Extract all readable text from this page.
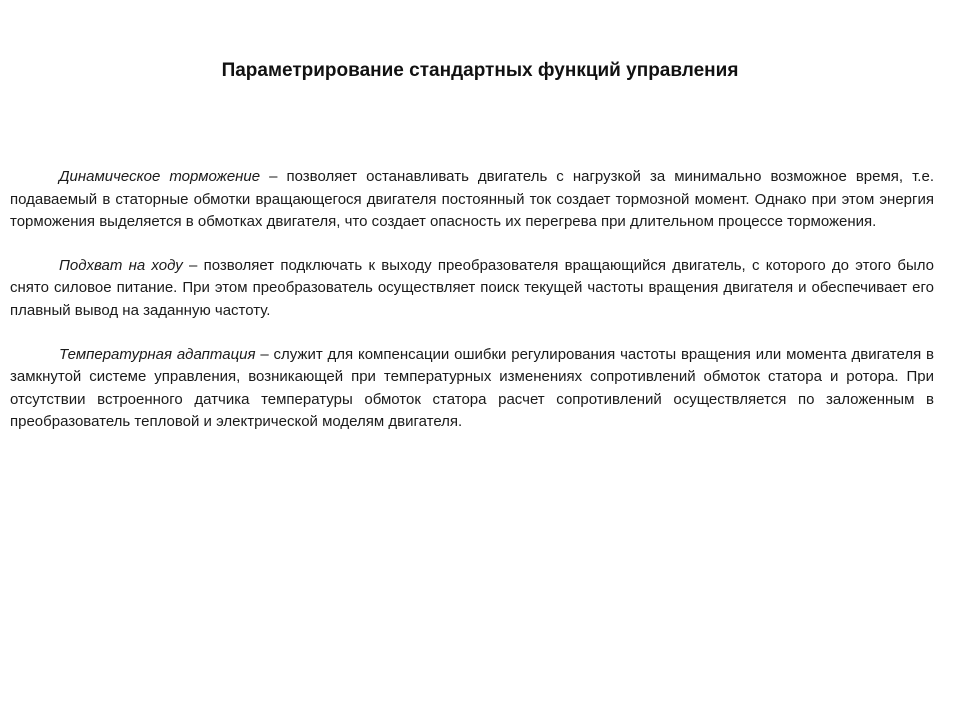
Параметрирование стандартных функций управления

Динамическое торможение – позволяет останавливать двигатель с нагрузкой за минимально возможное время, т.е. подаваемый в статорные обмотки вращающегося двигателя постоянный ток создает тормозной момент. Однако при этом энергия торможения выделяется в обмотках двигателя, что создает опасность их перегрева при длительном процессе торможения.

Подхват на ходу – позволяет подключать к выходу преобразователя вращающийся двигатель, с которого до этого было снято силовое питание. При этом преобразователь осуществляет поиск текущей частоты вращения двигателя и обеспечивает его плавный вывод на заданную частоту.

Температурная адаптация – служит для компенсации ошибки регулирования частоты вращения или момента двигателя в замкнутой системе управления, возникающей при температурных изменениях сопротивлений обмоток статора и ротора. При отсутствии встроенного датчика температуры обмоток статора расчет сопротивлений осуществляется по заложенным в преобразователь тепловой и электрической моделям двигателя.
